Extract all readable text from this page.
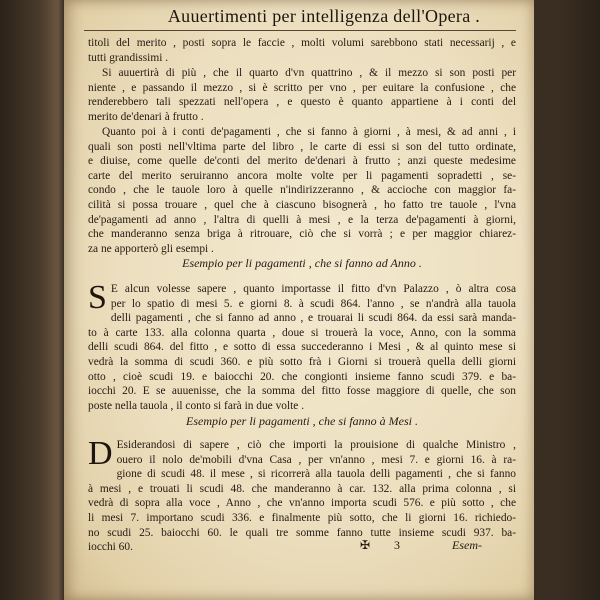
Auuertimenti per intelligenza dell'Opera .
titoli del merito , posti sopra le faccie , molti volumi sarebbono stati necessarij , e
tutti grandissimi .
Si auuertirà di più , che il quarto d'vn quattrino , & il mezzo si son posti per
niente , e passando il mezzo , si è scritto per vno , per euitare la confusione , che
renderebbero tali spezzati nell'opera , e questo è quanto appartiene à i conti del
merito de'denari à frutto .
Quanto poi à i conti de'pagamenti , che si fanno à giorni , à mesi, & ad anni , i
quali son posti nell'vltima parte del libro , le carte di essi si son del tutto ordinate,
e diuise, come quelle de'conti del merito de'denari à frutto ; anzi queste medesime
carte del merito seruiranno ancora molte volte per li pagamenti sopradetti , se-
condo , che le tauole loro à quelle n'indirizzeranno , & accioche con maggior fa-
cilità si possa trouare , quel che à ciascuno bisognerà , ho fatto tre tauole , l'vna
de'pagamenti ad anno , l'altra di quelli à mesi , e la terza de'pagamenti à giorni,
che manderanno senza briga à ritrouare, ciò che si vorrà ; e per maggior chiarez-
za ne apporterò gli esempi .
Esempio per li pagamenti , che si fanno ad Anno .
S E alcun volesse sapere , quanto importasse il fitto d'vn Palazzo , ò altra cosa
per lo spatio di mesi 5. e giorni 8. à scudi 864. l'anno , se n'andrà alla tauola
delli pagamenti , che si fanno ad anno , e trouarai li scudi 864. da essi sarà manda-
to à carte 133. alla colonna quarta , doue si trouerà la voce, Anno, con la somma
delli scudi 864. del fitto , e sotto di essa succederanno i Mesi , & al quinto mese si
vedrà la somma di scudi 360. e più sotto frà i Giorni si trouerà quella delli giorni
otto , cioè scudi 19. e baiocchi 20. che congionti insieme fanno scudi 379. e ba-
iocchi 20. E se auuenisse, che la somma del fitto fosse maggiore di quelle, che son
poste nella tauola , il conto si farà in due volte .
Esempio per li pagamenti , che si fanno à Mesi .
D Esiderandosi di sapere , ciò che importi la prouisione di qualche Ministro ,
ouero il nolo de'mobili d'vna Casa , per vn'anno , mesi 7. e giorni 16. à ra-
gione di scudi 48. il mese , si ricorrerà alla tauola delli pagamenti , che si fanno
à mesi , e trouati li scudi 48. che manderanno à car. 132. alla prima colonna , si
vedrà di sopra alla voce , Anno , che vn'anno importa scudi 576. e più sotto , che
li mesi 7. importano scudi 336. e finalmente più sotto, che li giorni 16. richiedo-
no scudi 25. baiocchi 60. le quali tre somme fanno tutte insieme scudi 937. ba-
iocchi 60.	✠ 3	Esem-
